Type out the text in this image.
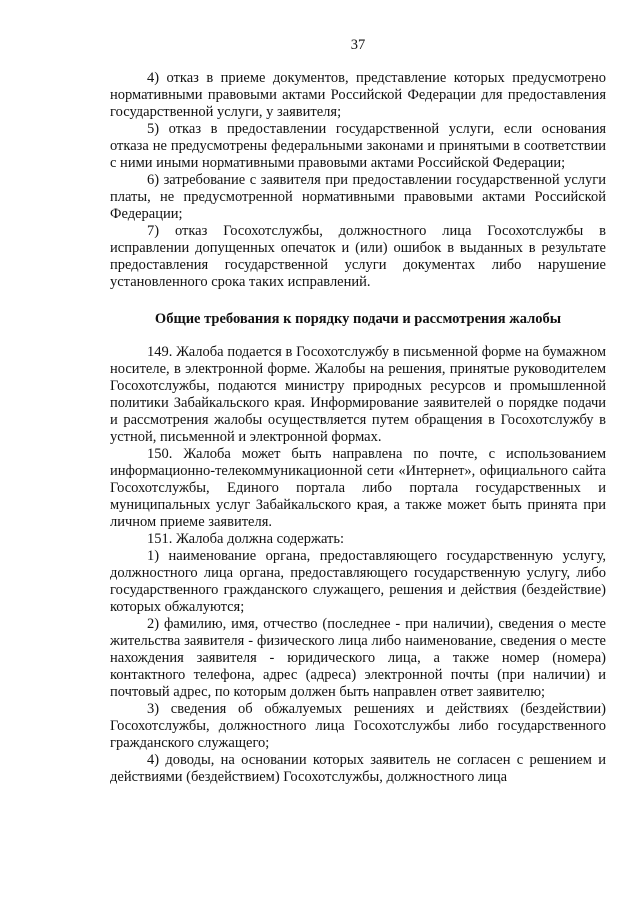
37

4) отказ в приеме документов, представление которых предусмотрено нормативными правовыми актами Российской Федерации для предоставления государственной услуги, у заявителя;

5) отказ в предоставлении государственной услуги, если основания отказа не предусмотрены федеральными законами и принятыми в соответствии с ними иными нормативными правовыми актами Российской Федерации;

6) затребование с заявителя при предоставлении государственной услуги платы, не предусмотренной нормативными правовыми актами Российской Федерации;

7) отказ Госохотслужбы, должностного лица Госохотслужбы в исправлении допущенных опечаток и (или) ошибок в выданных в результате предоставления государственной услуги документах либо нарушение установленного срока таких исправлений.

Общие требования к порядку подачи и рассмотрения жалобы

149. Жалоба подается в Госохотслужбу в письменной форме на бумажном носителе, в электронной форме. Жалобы на решения, принятые руководителем Госохотслужбы, подаются министру природных ресурсов и промышленной политики Забайкальского края. Информирование заявителей о порядке подачи и рассмотрения жалобы осуществляется путем обращения в Госохотслужбу в устной, письменной и электронной формах.

150. Жалоба может быть направлена по почте, с использованием информационно-телекоммуникационной сети «Интернет», официального сайта Госохотслужбы, Единого портала либо портала государственных и муниципальных услуг Забайкальского края, а также может быть принята при личном приеме заявителя.

151. Жалоба должна содержать:

1) наименование органа, предоставляющего государственную услугу, должностного лица органа, предоставляющего государственную услугу, либо государственного гражданского служащего, решения и действия (бездействие) которых обжалуются;

2) фамилию, имя, отчество (последнее - при наличии), сведения о месте жительства заявителя - физического лица либо наименование, сведения о месте нахождения заявителя - юридического лица, а также номер (номера) контактного телефона, адрес (адреса) электронной почты (при наличии) и почтовый адрес, по которым должен быть направлен ответ заявителю;

3) сведения об обжалуемых решениях и действиях (бездействии) Госохотслужбы, должностного лица Госохотслужбы либо государственного гражданского служащего;

4) доводы, на основании которых заявитель не согласен с решением и действиями (бездействием) Госохотслужбы, должностного лица
